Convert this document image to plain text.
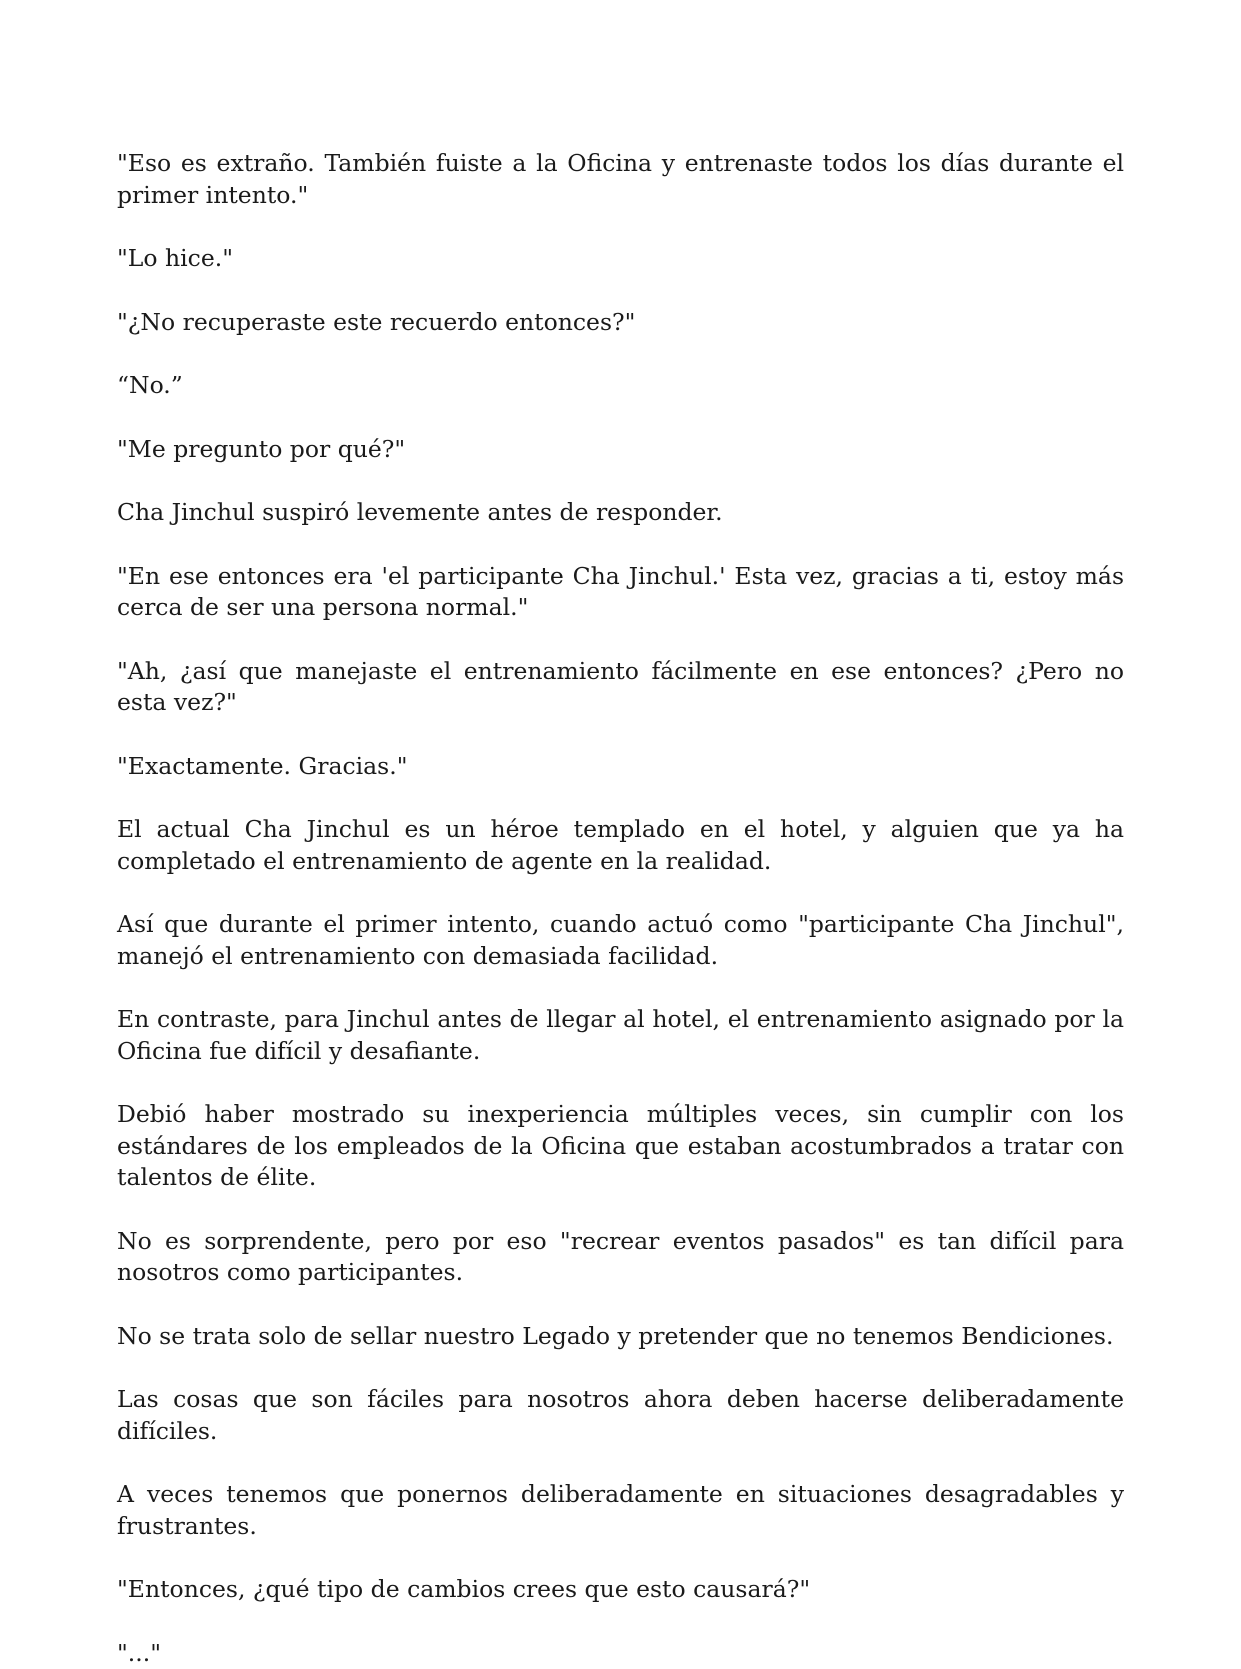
"Eso es extraño. También fuiste a la Oficina y entrenaste todos los días durante el primer intento."

"Lo hice."

"¿No recuperaste este recuerdo entonces?"

“No.”

"Me pregunto por qué?"

Cha Jinchul suspiró levemente antes de responder.

"En ese entonces era 'el participante Cha Jinchul.' Esta vez, gracias a ti, estoy más cerca de ser una persona normal."

"Ah, ¿así que manejaste el entrenamiento fácilmente en ese entonces? ¿Pero no esta vez?"

"Exactamente. Gracias."

El actual Cha Jinchul es un héroe templado en el hotel, y alguien que ya ha completado el entrenamiento de agente en la realidad.

Así que durante el primer intento, cuando actuó como "participante Cha Jinchul", manejó el entrenamiento con demasiada facilidad.

En contraste, para Jinchul antes de llegar al hotel, el entrenamiento asignado por la Oficina fue difícil y desafiante.

Debió haber mostrado su inexperiencia múltiples veces, sin cumplir con los estándares de los empleados de la Oficina que estaban acostumbrados a tratar con talentos de élite.

No es sorprendente, pero por eso "recrear eventos pasados" es tan difícil para nosotros como participantes.

No se trata solo de sellar nuestro Legado y pretender que no tenemos Bendiciones.

Las cosas que son fáciles para nosotros ahora deben hacerse deliberadamente difíciles.

A veces tenemos que ponernos deliberadamente en situaciones desagradables y frustrantes.

"Entonces, ¿qué tipo de cambios crees que esto causará?"

"..."
